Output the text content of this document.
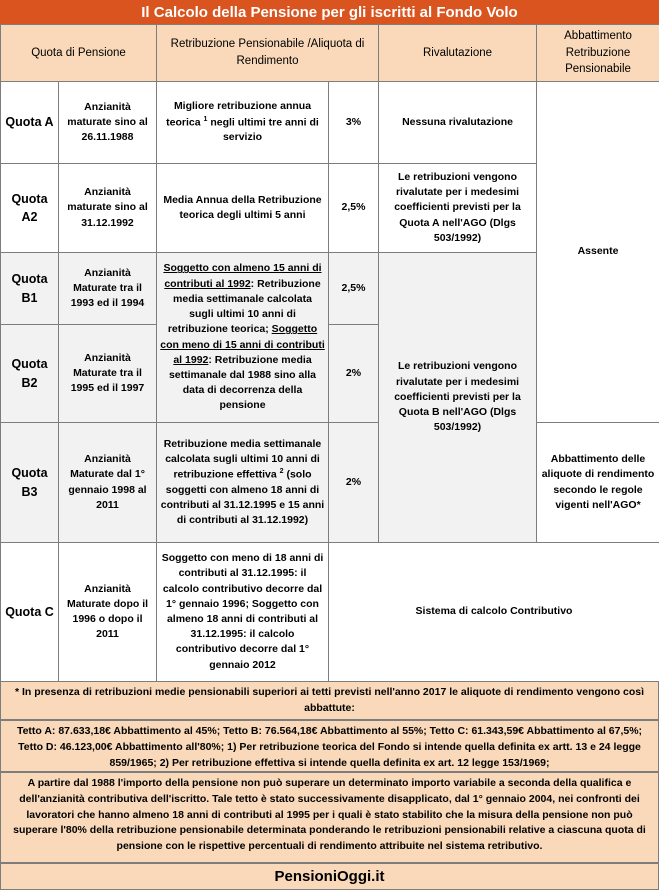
Il Calcolo della Pensione per gli iscritti al Fondo Volo
Quota di Pensione		Retribuzione Pensionabile /Aliquota di Rendimento		Rivalutazione	Abbattimento Retribuzione Pensionabile
Quota A	Anzianità maturate sino al 26.11.1988	Migliore retribuzione annua teorica $^1$ negli ultimi tre anni di servizio	3%	Nessuna rivalutazione	Assente
Quota A2	Anzianità maturate sino al 31.12.1992	Media Annua della Retribuzione teorica degli ultimi 5 anni	2,5%	Le retribuzioni vengono rivalutate per i medesimi coefficienti previsti per la Quota A nell'AGO (Dlgs 503/1992)	
Quota B1	Anzianità Maturate tra il 1993 ed il 1994	Soggetto con almeno 15 anni di contributi al 1992: Retribuzione media settimanale calcolata sugli ultimi 10 anni di retribuzione teorica; Soggetto con meno di 15 anni di contributi al 1992: Retribuzione media settimanale dal 1988 sino alla data di decorrenza della pensione	2,5%	Le retribuzioni vengono rivalutate per i medesimi coefficienti previsti per la Quota B nell'AGO (Dlgs 503/1992)	
Quota B2	Anzianità Maturate tra il 1995 ed il 1997		2%		
Quota B3	Anzianità Maturate dal 1° gennaio 1998 al 2011	Retribuzione media settimanale calcolata sugli ultimi 10 anni di retribuzione effettiva $^2$ (solo soggetti con almeno 18 anni di contributi al 31.12.1995 e 15 anni di contributi al 31.12.1992)	2%		Abbattimento delle aliquote di rendimento secondo le regole vigenti nell'AGO*
Quota C	Anzianità Maturate dopo il 1996 o dopo il 2011	Soggetto con meno di 18 anni di contributi al 31.12.1995: il calcolo contributivo decorre dal 1° gennaio 1996; Soggetto con almeno 18 anni di contributi al 31.12.1995: il calcolo contributivo decorre dal 1° gennaio 2012	Sistema di calcolo Contributivo		
* In presenza di retribuzioni medie pensionabili superiori ai tetti previsti nell'anno 2017 le aliquote di rendimento vengono così abbattute:
Tetto A: 87.633,18€ Abbattimento al 45%; Tetto B: 76.564,18€ Abbattimento al 55%; Tetto C: 61.343,59€ Abbattimento al 67,5%; Tetto D: 46.123,00€ Abbattimento all'80%; 1) Per retribuzione teorica del Fondo si intende quella definita ex artt. 13 e 24 legge 859/1965; 2) Per retribuzione effettiva si intende quella definita ex art. 12 legge 153/1969;
A partire dal 1988 l'importo della pensione non può superare un determinato importo variabile a seconda della qualifica e dell'anzianità contributiva dell'iscritto. Tale tetto è stato successivamente disapplicato, dal 1° gennaio 2004, nei confronti dei lavoratori che hanno almeno 18 anni di contributi al 1995 per i quali è stato stabilito che la misura della pensione non può superare l'80% della retribuzione pensionabile determinata ponderando le retribuzioni pensionabili relative a ciascuna quota di pensione con le rispettive percentuali di rendimento attribuite nel sistema retributivo.
PensioniOggi.it
